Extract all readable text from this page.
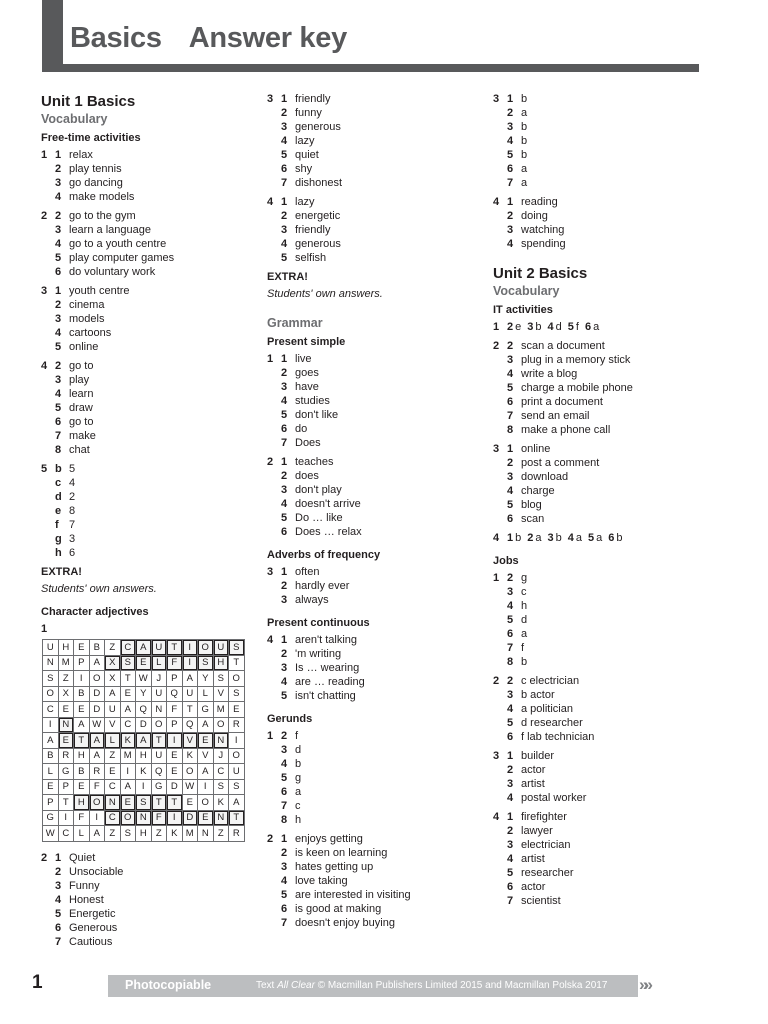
Basics Answer key
Unit 1 Basics
Vocabulary
Free-time activities
1 1 relax
2 play tennis
3 go dancing
4 make models
2 2 go to the gym
3 learn a language
4 go to a youth centre
5 play computer games
6 do voluntary work
3 1 youth centre
2 cinema
3 models
4 cartoons
5 online
4 2 go to
3 play
4 learn
5 draw
6 go to
7 make
8 chat
5 b 5
c 4
d 2
e 8
f 7
g 3
h 6
EXTRA!
Students' own answers.
Character adjectives
1
U	H	E	B	Z	C	A	U	T	I	O	U	S
N	M	P	A	X	S	E	L	F	I	S	H	T
S	Z	I	O	X	T	W	J	P	A	Y	S	O
O	X	B	D	A	E	Y	U	Q	U	L	V	S
C	E	E	D	U	A	Q	N	F	T	G	M	E
I	N	A	W	V	C	D	O	P	Q	A	O	R
A	E	T	A	L	K	A	T	I	V	E	N	I
B	R	H	A	Z	M	H	U	E	K	V	J	O
L	G	B	R	E	I	K	Q	E	O	A	C	U
E	P	E	F	C	A	I	G	D	W	I	S	S
P	T	H	O	N	E	S	T	T	E	O	K	A
G	I	F	I	C	O	N	F	I	D	E	N	T
W	C	L	A	Z	S	H	Z	K	M	N	Z	R
2 1 Quiet
2 Unsociable
3 Funny
4 Honest
5 Energetic
6 Generous
7 Cautious
3 1 friendly
2 funny
3 generous
4 lazy
5 quiet
6 shy
7 dishonest
4 1 lazy
2 energetic
3 friendly
4 generous
5 selfish
EXTRA!
Students' own answers.
Grammar
Present simple
1 1 live
2 goes
3 have
4 studies
5 don't like
6 do
7 Does
2 1 teaches
2 does
3 don't play
4 doesn't arrive
5 Do … like
6 Does … relax
Adverbs of frequency
3 1 often
2 hardly ever
3 always
Present continuous
4 1 aren't talking
2 'm writing
3 Is … wearing
4 are … reading
5 isn't chatting
Gerunds
1 2 f
3 d
4 b
5 g
6 a
7 c
8 h
2 1 enjoys getting
2 is keen on learning
3 hates getting up
4 love taking
5 are interested in visiting
6 is good at making
7 doesn't enjoy buying
3 1 b
2 a
3 b
4 b
5 b
6 a
7 a
4 1 reading
2 doing
3 watching
4 spending
Unit 2 Basics
Vocabulary
IT activities
1 2 e 3 b 4 d 5 f 6 a
2 2 scan a document
3 plug in a memory stick
4 write a blog
5 charge a mobile phone
6 print a document
7 send an email
8 make a phone call
3 1 online
2 post a comment
3 download
4 charge
5 blog
6 scan
4 1 b 2 a 3 b 4 a 5 a 6 b
Jobs
1 2 g
3 c
4 h
5 d
6 a
7 f
8 b
2 2 c electrician
3 b actor
4 a politician
5 d researcher
6 f lab technician
3 1 builder
2 actor
3 artist
4 postal worker
4 1 firefighter
2 lawyer
3 electrician
4 artist
5 researcher
6 actor
7 scientist
1	Photocopiable	Text All Clear © Macmillan Publishers Limited 2015 and Macmillan Polska 2017 »»
